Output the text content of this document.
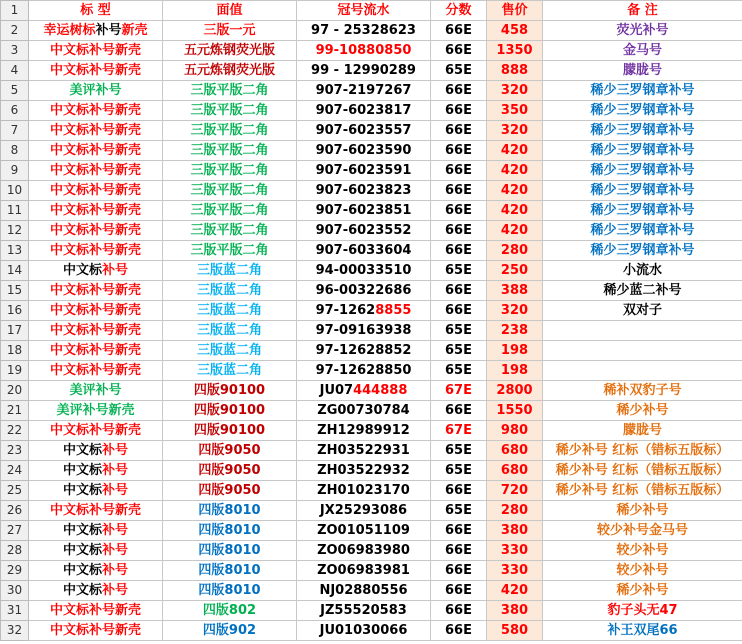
1	标 型	面值	冠号流水	分数	售价	备 注
2	幸运树标补号新壳	三版一元	97 - 25328623	66E	458	荧光补号
3	中文标补号新壳	五元炼钢荧光版	99-10880850	66E	1350	金马号
4	中文标补号新壳	五元炼钢荧光版	99 - 12990289	65E	888	朦胧号
5	美评补号	三版平版二角	907-2197267	66E	320	稀少三罗钢章补号
6	中文标补号新壳	三版平版二角	907-6023817	66E	350	稀少三罗钢章补号
7	中文标补号新壳	三版平版二角	907-6023557	66E	320	稀少三罗钢章补号
8	中文标补号新壳	三版平版二角	907-6023590	66E	420	稀少三罗钢章补号
9	中文标补号新壳	三版平版二角	907-6023591	66E	420	稀少三罗钢章补号
10	中文标补号新壳	三版平版二角	907-6023823	66E	420	稀少三罗钢章补号
11	中文标补号新壳	三版平版二角	907-6023851	66E	420	稀少三罗钢章补号
12	中文标补号新壳	三版平版二角	907-6023552	66E	420	稀少三罗钢章补号
13	中文标补号新壳	三版平版二角	907-6033604	66E	280	稀少三罗钢章补号
14	中文标补号	三版蓝二角	94-00033510	65E	250	小流水
15	中文标补号新壳	三版蓝二角	96-00322686	66E	388	稀少蓝二补号
16	中文标补号新壳	三版蓝二角	97-12628855	66E	320	双对子
17	中文标补号新壳	三版蓝二角	97-09163938	65E	238	
18	中文标补号新壳	三版蓝二角	97-12628852	65E	198	
19	中文标补号新壳	三版蓝二角	97-12628850	65E	198	
20	美评补号	四版90100	JU07444888	67E	2800	稀补双豹子号
21	美评补号新壳	四版90100	ZG00730784	66E	1550	稀少补号
22	中文标补号新壳	四版90100	ZH12989912	67E	980	朦胧号
23	中文标补号	四版9050	ZH03522931	65E	680	稀少补号 红标（错标五版标）
24	中文标补号	四版9050	ZH03522932	65E	680	稀少补号 红标（错标五版标）
25	中文标补号	四版9050	ZH01023170	66E	720	稀少补号 红标（错标五版标）
26	中文标补号新壳	四版8010	JX25293086	65E	280	稀少补号
27	中文标补号	四版8010	ZO01051109	66E	380	较少补号金马号
28	中文标补号	四版8010	ZO06983980	66E	330	较少补号
29	中文标补号	四版8010	ZO06983981	66E	330	较少补号
30	中文标补号	四版8010	NJ02880556	66E	420	稀少补号
31	中文标补号新壳	四版802	JZ55520583	66E	380	豹子头无47
32	中文标补号新壳	四版902	JU01030066	66E	580	补王双尾66
